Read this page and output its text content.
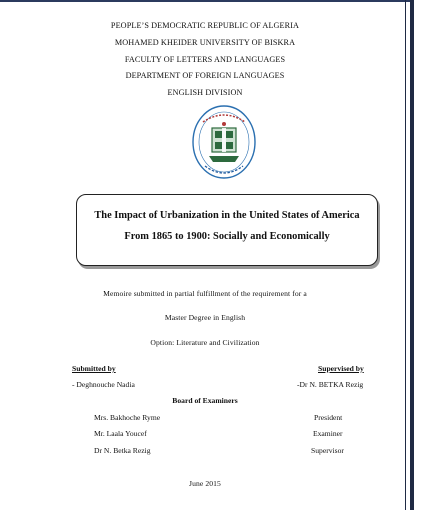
PEOPLE’S DEMOCRATIC REPUBLIC OF ALGERIA
MOHAMED KHEIDER UNIVERSITY OF BISKRA
FACULTY OF LETTERS AND LANGUAGES
DEPARTMENT OF FOREIGN LANGUAGES
ENGLISH DIVISION
The Impact of Urbanization in the United States of America
From 1865 to 1900: Socially and Economically
Memoire submitted in partial fulfillment of the requirement for a
Master Degree in English
Option: Literature and Civilization
Submitted by
- Deghnouche Nadia
Supervised by
-Dr N. BETKA Rezig
Board of Examiners
Mrs. Bakhoche Ryme	President
Mr. Laala Youcef	Examiner
Dr N. Betka Rezig	Supervisor
June 2015
